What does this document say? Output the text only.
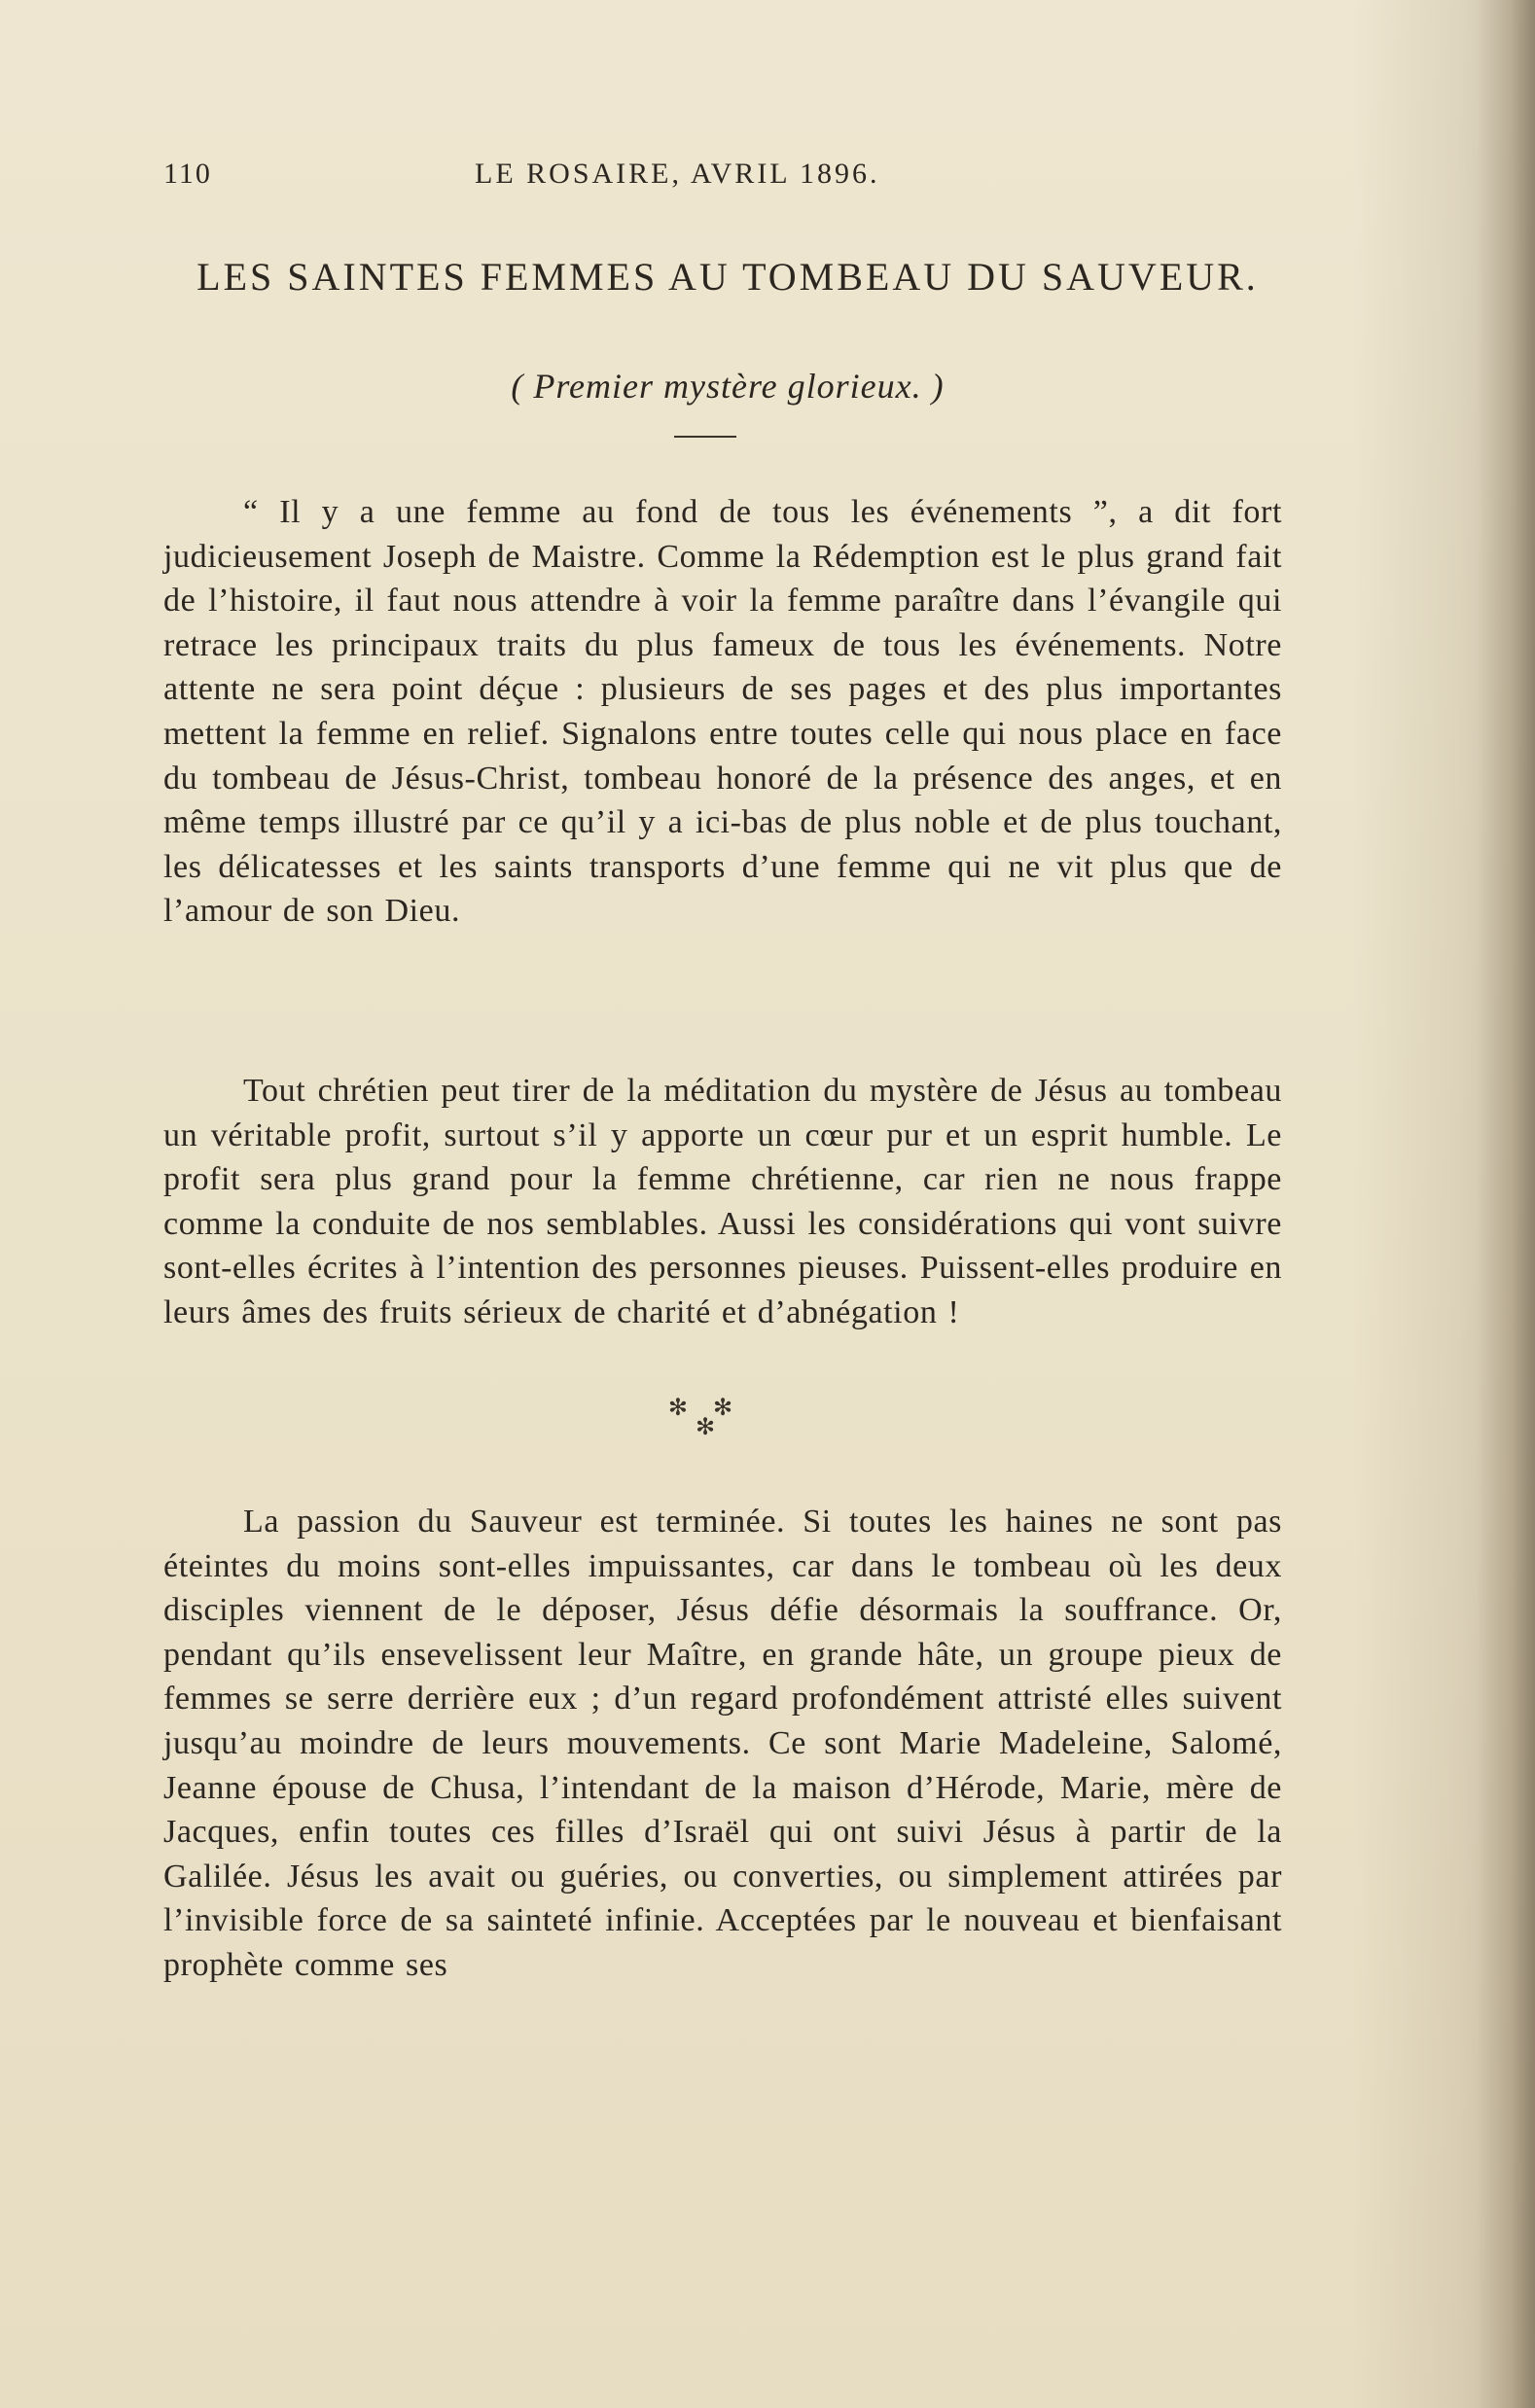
110	LE ROSAIRE, AVRIL 1896.
LES SAINTES FEMMES AU TOMBEAU DU SAUVEUR.
( Premier mystère glorieux. )

“ Il y a une femme au fond de tous les événements ”, a dit fort judicieusement Joseph de Maistre. Comme la Rédemption est le plus grand fait de l’histoire, il faut nous attendre à voir la femme paraître dans l’évangile qui retrace les principaux traits du plus fameux de tous les événements. Notre attente ne sera point déçue : plusieurs de ses pages et des plus importantes mettent la femme en relief. Signalons entre toutes celle qui nous place en face du tombeau de Jésus-Christ, tombeau honoré de la présence des anges, et en même temps illustré par ce qu’il y a ici-bas de plus noble et de plus touchant, les délicatesses et les saints transports d’une femme qui ne vit plus que de l’amour de son Dieu.

Tout chrétien peut tirer de la méditation du mystère de Jésus au tombeau un véritable profit, surtout s’il y apporte un cœur pur et un esprit humble. Le profit sera plus grand pour la femme chrétienne, car rien ne nous frappe comme la conduite de nos semblables. Aussi les considérations qui vont suivre sont-elles écrites à l’intention des personnes pieuses. Puissent-elles produire en leurs âmes des fruits sérieux de charité et d’abnégation !

✻ ✻
✻

La passion du Sauveur est terminée. Si toutes les haines ne sont pas éteintes du moins sont-elles impuissantes, car dans le tombeau où les deux disciples viennent de le déposer, Jésus défie désormais la souffrance. Or, pendant qu’ils ensevelissent leur Maître, en grande hâte, un groupe pieux de femmes se serre derrière eux ; d’un regard profondément attristé elles suivent jusqu’au moindre de leurs mouvements. Ce sont Marie Madeleine, Salomé, Jeanne épouse de Chusa, l’intendant de la maison d’Hérode, Marie, mère de Jacques, enfin toutes ces filles d’Israël qui ont suivi Jésus à partir de la Galilée. Jésus les avait ou guéries, ou converties, ou simplement attirées par l’invisible force de sa sainteté infinie. Acceptées par le nouveau et bienfaisant prophète comme ses
